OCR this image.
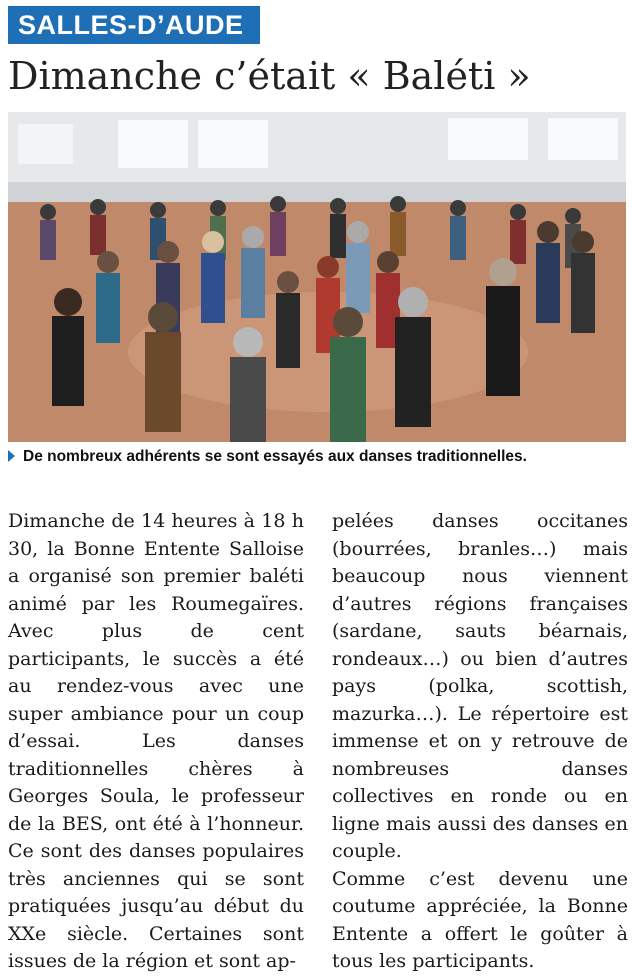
SALLES-D’AUDE
Dimanche c’était « Baléti »
De nombreux adhérents se sont essayés aux danses traditionnelles.

Dimanche de 14 heures à 18 h 30, la Bonne Entente Salloise a organisé son premier baléti animé par les Roumegaïres. Avec plus de cent participants, le succès a été au rendez-vous avec une super ambiance pour un coup d’essai. Les danses traditionnelles chères à Georges Soula, le professeur de la BES, ont été à l’honneur. Ce sont des danses populaires très anciennes qui se sont pratiquées jusqu’au début du XXe siècle. Certaines sont issues de la région et sont ap-

pelées danses occitanes (bourrées, branles…) mais beaucoup nous viennent d’autres régions françaises (sardane, sauts béarnais, rondeaux…) ou bien d’autres pays (polka, scottish, mazurka…). Le répertoire est immense et on y retrouve de nombreuses danses collectives en ronde ou en ligne mais aussi des danses en couple.

Comme c’est devenu une coutume appréciée, la Bonne Entente a offert le goûter à tous les participants.
